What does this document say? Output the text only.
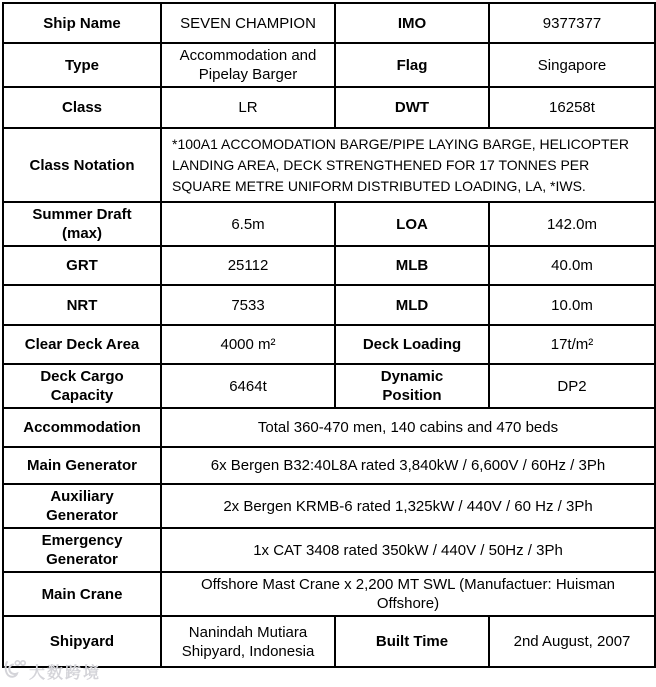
Ship Name	SEVEN CHAMPION	IMO	9377377
Type	Accommodation and Pipelay Barger	Flag	Singapore
Class	LR	DWT	16258t
Class Notation	*100A1 ACCOMODATION BARGE/PIPE LAYING BARGE, HELICOPTER LANDING AREA, DECK STRENGTHENED FOR 17 TONNES PER SQUARE METRE UNIFORM DISTRIBUTED LOADING, LA, *IWS.		
Summer Draft (max)	6.5m	LOA	142.0m
GRT	25112	MLB	40.0m
NRT	7533	MLD	10.0m
Clear Deck Area	4000 m²	Deck Loading	17t/m²
Deck Cargo Capacity	6464t	Dynamic Position	DP2
Accommodation	Total 360-470 men, 140 cabins and 470 beds		
Main Generator	6x Bergen B32:40L8A rated 3,840kW / 6,600V / 60Hz / 3Ph		
Auxiliary Generator	2x Bergen KRMB-6 rated 1,325kW / 440V / 60 Hz / 3Ph		
Emergency Generator	1x CAT 3408 rated 350kW / 440V / 50Hz / 3Ph		
Main Crane	Offshore Mast Crane x 2,200 MT SWL (Manufactuer: Huisman Offshore)		
Shipyard	Nanindah Mutiara Shipyard, Indonesia	Built Time	2nd August, 2007
大数跨境
